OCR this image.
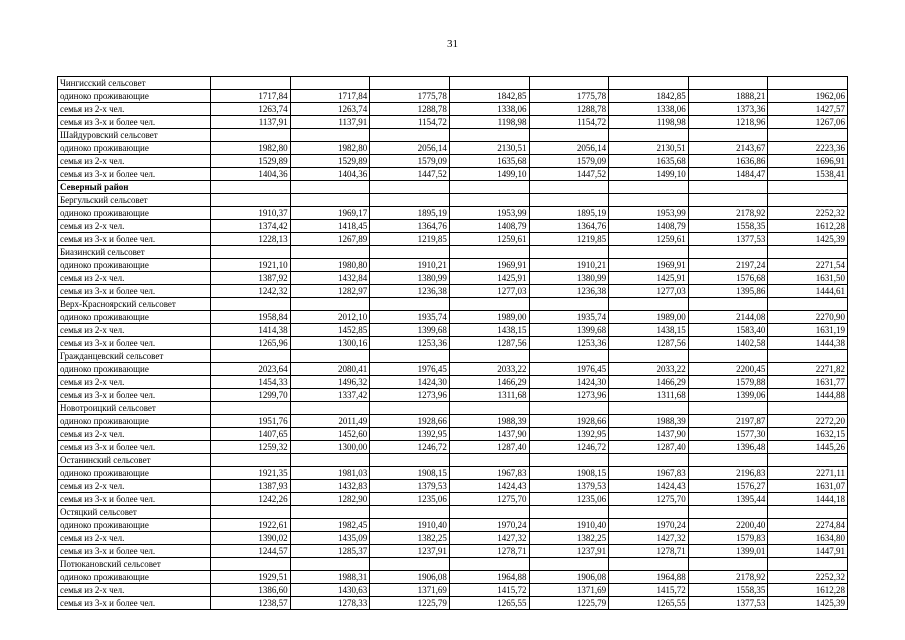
31
Чингисский сельсовет								
одиноко проживающие	1717,84	1717,84	1775,78	1842,85	1775,78	1842,85	1888,21	1962,06
семья из 2-х чел.	1263,74	1263,74	1288,78	1338,06	1288,78	1338,06	1373,36	1427,57
семья из 3-х и более чел.	1137,91	1137,91	1154,72	1198,98	1154,72	1198,98	1218,96	1267,06
Шайдуровский сельсовет								
одиноко проживающие	1982,80	1982,80	2056,14	2130,51	2056,14	2130,51	2143,67	2223,36
семья из 2-х чел.	1529,89	1529,89	1579,09	1635,68	1579,09	1635,68	1636,86	1696,91
семья из 3-х и более чел.	1404,36	1404,36	1447,52	1499,10	1447,52	1499,10	1484,47	1538,41
Северный район								
Бергульский сельсовет								
одиноко проживающие	1910,37	1969,17	1895,19	1953,99	1895,19	1953,99	2178,92	2252,32
семья из 2-х чел.	1374,42	1418,45	1364,76	1408,79	1364,76	1408,79	1558,35	1612,28
семья из 3-х и более чел.	1228,13	1267,89	1219,85	1259,61	1219,85	1259,61	1377,53	1425,39
Биазинский сельсовет								
одиноко проживающие	1921,10	1980,80	1910,21	1969,91	1910,21	1969,91	2197,24	2271,54
семья из 2-х чел.	1387,92	1432,84	1380,99	1425,91	1380,99	1425,91	1576,68	1631,50
семья из 3-х и более чел.	1242,32	1282,97	1236,38	1277,03	1236,38	1277,03	1395,86	1444,61
Верх-Красноярский сельсовет								
одиноко проживающие	1958,84	2012,10	1935,74	1989,00	1935,74	1989,00	2144,08	2270,90
семья из 2-х чел.	1414,38	1452,85	1399,68	1438,15	1399,68	1438,15	1583,40	1631,19
семья из 3-х и более чел.	1265,96	1300,16	1253,36	1287,56	1253,36	1287,56	1402,58	1444,38
Гражданцевский сельсовет								
одиноко проживающие	2023,64	2080,41	1976,45	2033,22	1976,45	2033,22	2200,45	2271,82
семья из 2-х чел.	1454,33	1496,32	1424,30	1466,29	1424,30	1466,29	1579,88	1631,77
семья из 3-х и более чел.	1299,70	1337,42	1273,96	1311,68	1273,96	1311,68	1399,06	1444,88
Новотроицкий сельсовет								
одиноко проживающие	1951,76	2011,49	1928,66	1988,39	1928,66	1988,39	2197,87	2272,20
семья из 2-х чел.	1407,65	1452,60	1392,95	1437,90	1392,95	1437,90	1577,30	1632,15
семья из 3-х и более чел.	1259,32	1300,00	1246,72	1287,40	1246,72	1287,40	1396,48	1445,26
Останинский сельсовет								
одиноко проживающие	1921,35	1981,03	1908,15	1967,83	1908,15	1967,83	2196,83	2271,11
семья из 2-х чел.	1387,93	1432,83	1379,53	1424,43	1379,53	1424,43	1576,27	1631,07
семья из 3-х и более чел.	1242,26	1282,90	1235,06	1275,70	1235,06	1275,70	1395,44	1444,18
Остяцкий сельсовет								
одиноко проживающие	1922,61	1982,45	1910,40	1970,24	1910,40	1970,24	2200,40	2274,84
семья из 2-х чел.	1390,02	1435,09	1382,25	1427,32	1382,25	1427,32	1579,83	1634,80
семья из 3-х и более чел.	1244,57	1285,37	1237,91	1278,71	1237,91	1278,71	1399,01	1447,91
Потюкановский сельсовет								
одиноко проживающие	1929,51	1988,31	1906,08	1964,88	1906,08	1964,88	2178,92	2252,32
семья из 2-х чел.	1386,60	1430,63	1371,69	1415,72	1371,69	1415,72	1558,35	1612,28
семья из 3-х и более чел.	1238,57	1278,33	1225,79	1265,55	1225,79	1265,55	1377,53	1425,39
